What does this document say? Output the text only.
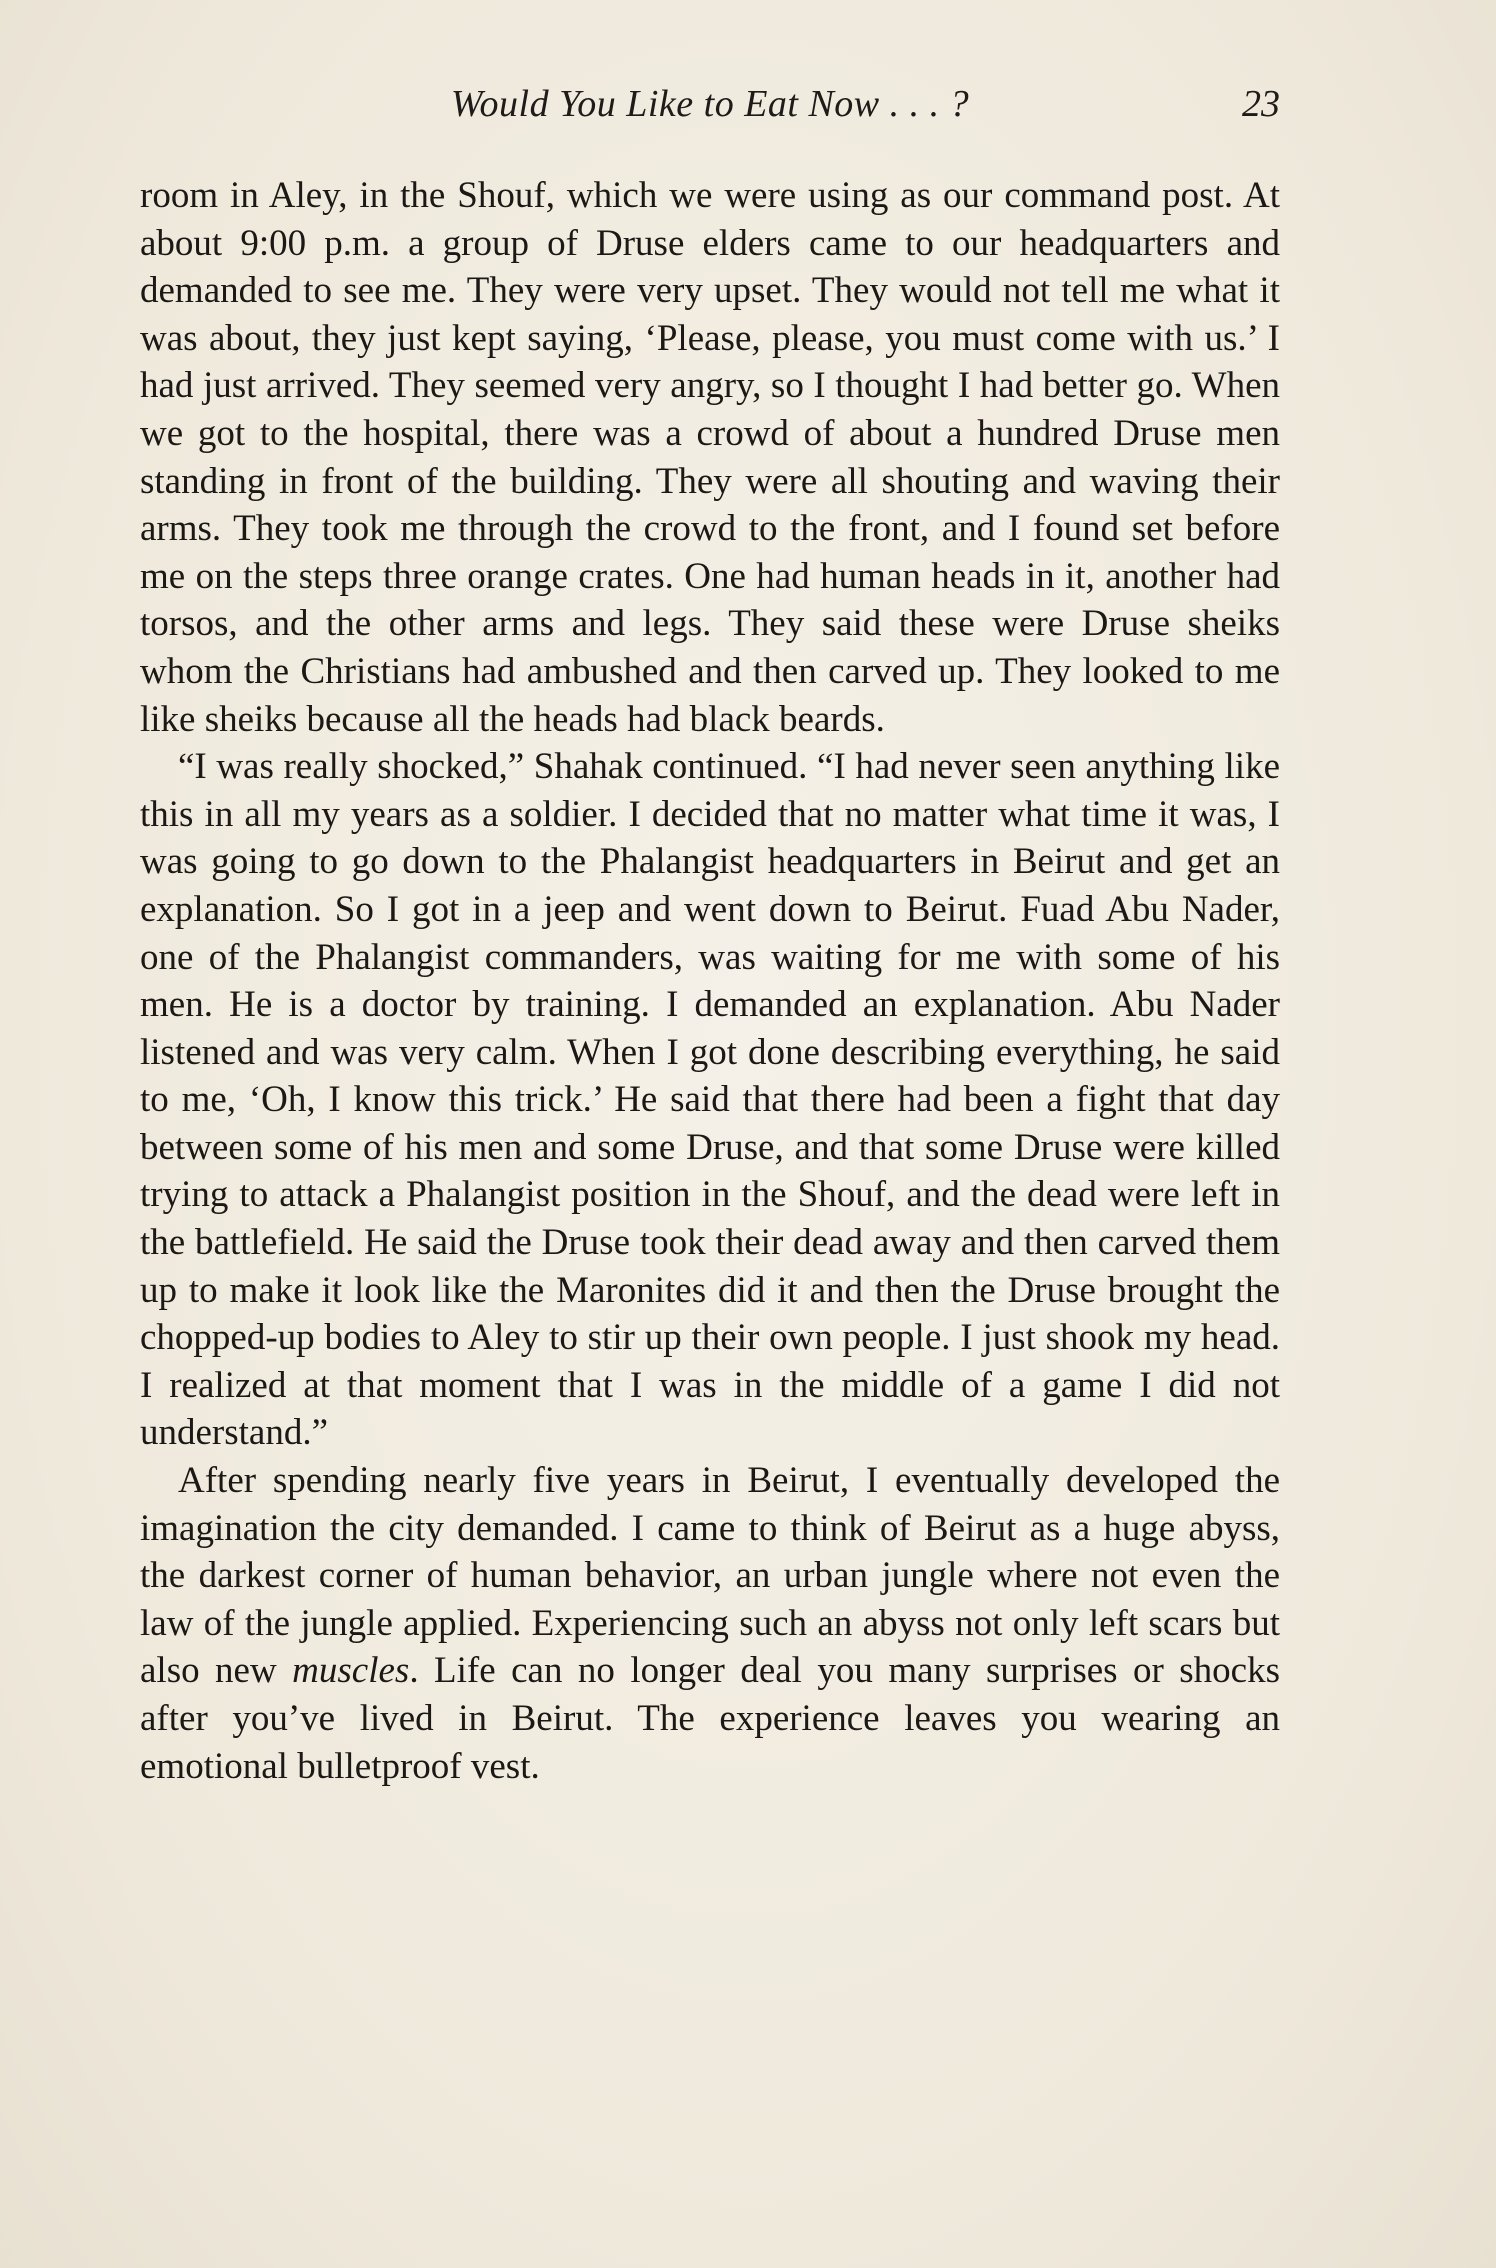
Would You Like to Eat Now . . . ?	23

room in Aley, in the Shouf, which we were using as our command post. At about 9:00 p.m. a group of Druse elders came to our headquarters and demanded to see me. They were very upset. They would not tell me what it was about, they just kept saying, ‘Please, please, you must come with us.’ I had just arrived. They seemed very angry, so I thought I had better go. When we got to the hospital, there was a crowd of about a hundred Druse men standing in front of the building. They were all shouting and waving their arms. They took me through the crowd to the front, and I found set before me on the steps three orange crates. One had human heads in it, another had torsos, and the other arms and legs. They said these were Druse sheiks whom the Christians had ambushed and then carved up. They looked to me like sheiks because all the heads had black beards.

“I was really shocked,” Shahak continued. “I had never seen anything like this in all my years as a soldier. I decided that no matter what time it was, I was going to go down to the Phalangist headquarters in Beirut and get an explanation. So I got in a jeep and went down to Beirut. Fuad Abu Nader, one of the Phalangist commanders, was waiting for me with some of his men. He is a doctor by training. I demanded an explanation. Abu Nader listened and was very calm. When I got done describing everything, he said to me, ‘Oh, I know this trick.’ He said that there had been a fight that day between some of his men and some Druse, and that some Druse were killed trying to attack a Phalangist position in the Shouf, and the dead were left in the battlefield. He said the Druse took their dead away and then carved them up to make it look like the Maronites did it and then the Druse brought the chopped-up bodies to Aley to stir up their own people. I just shook my head. I realized at that moment that I was in the middle of a game I did not understand.”

After spending nearly five years in Beirut, I eventually developed the imagination the city demanded. I came to think of Beirut as a huge abyss, the darkest corner of human behavior, an urban jungle where not even the law of the jungle applied. Experiencing such an abyss not only left scars but also new muscles. Life can no longer deal you many surprises or shocks after you’ve lived in Beirut. The experience leaves you wearing an emotional bulletproof vest.
